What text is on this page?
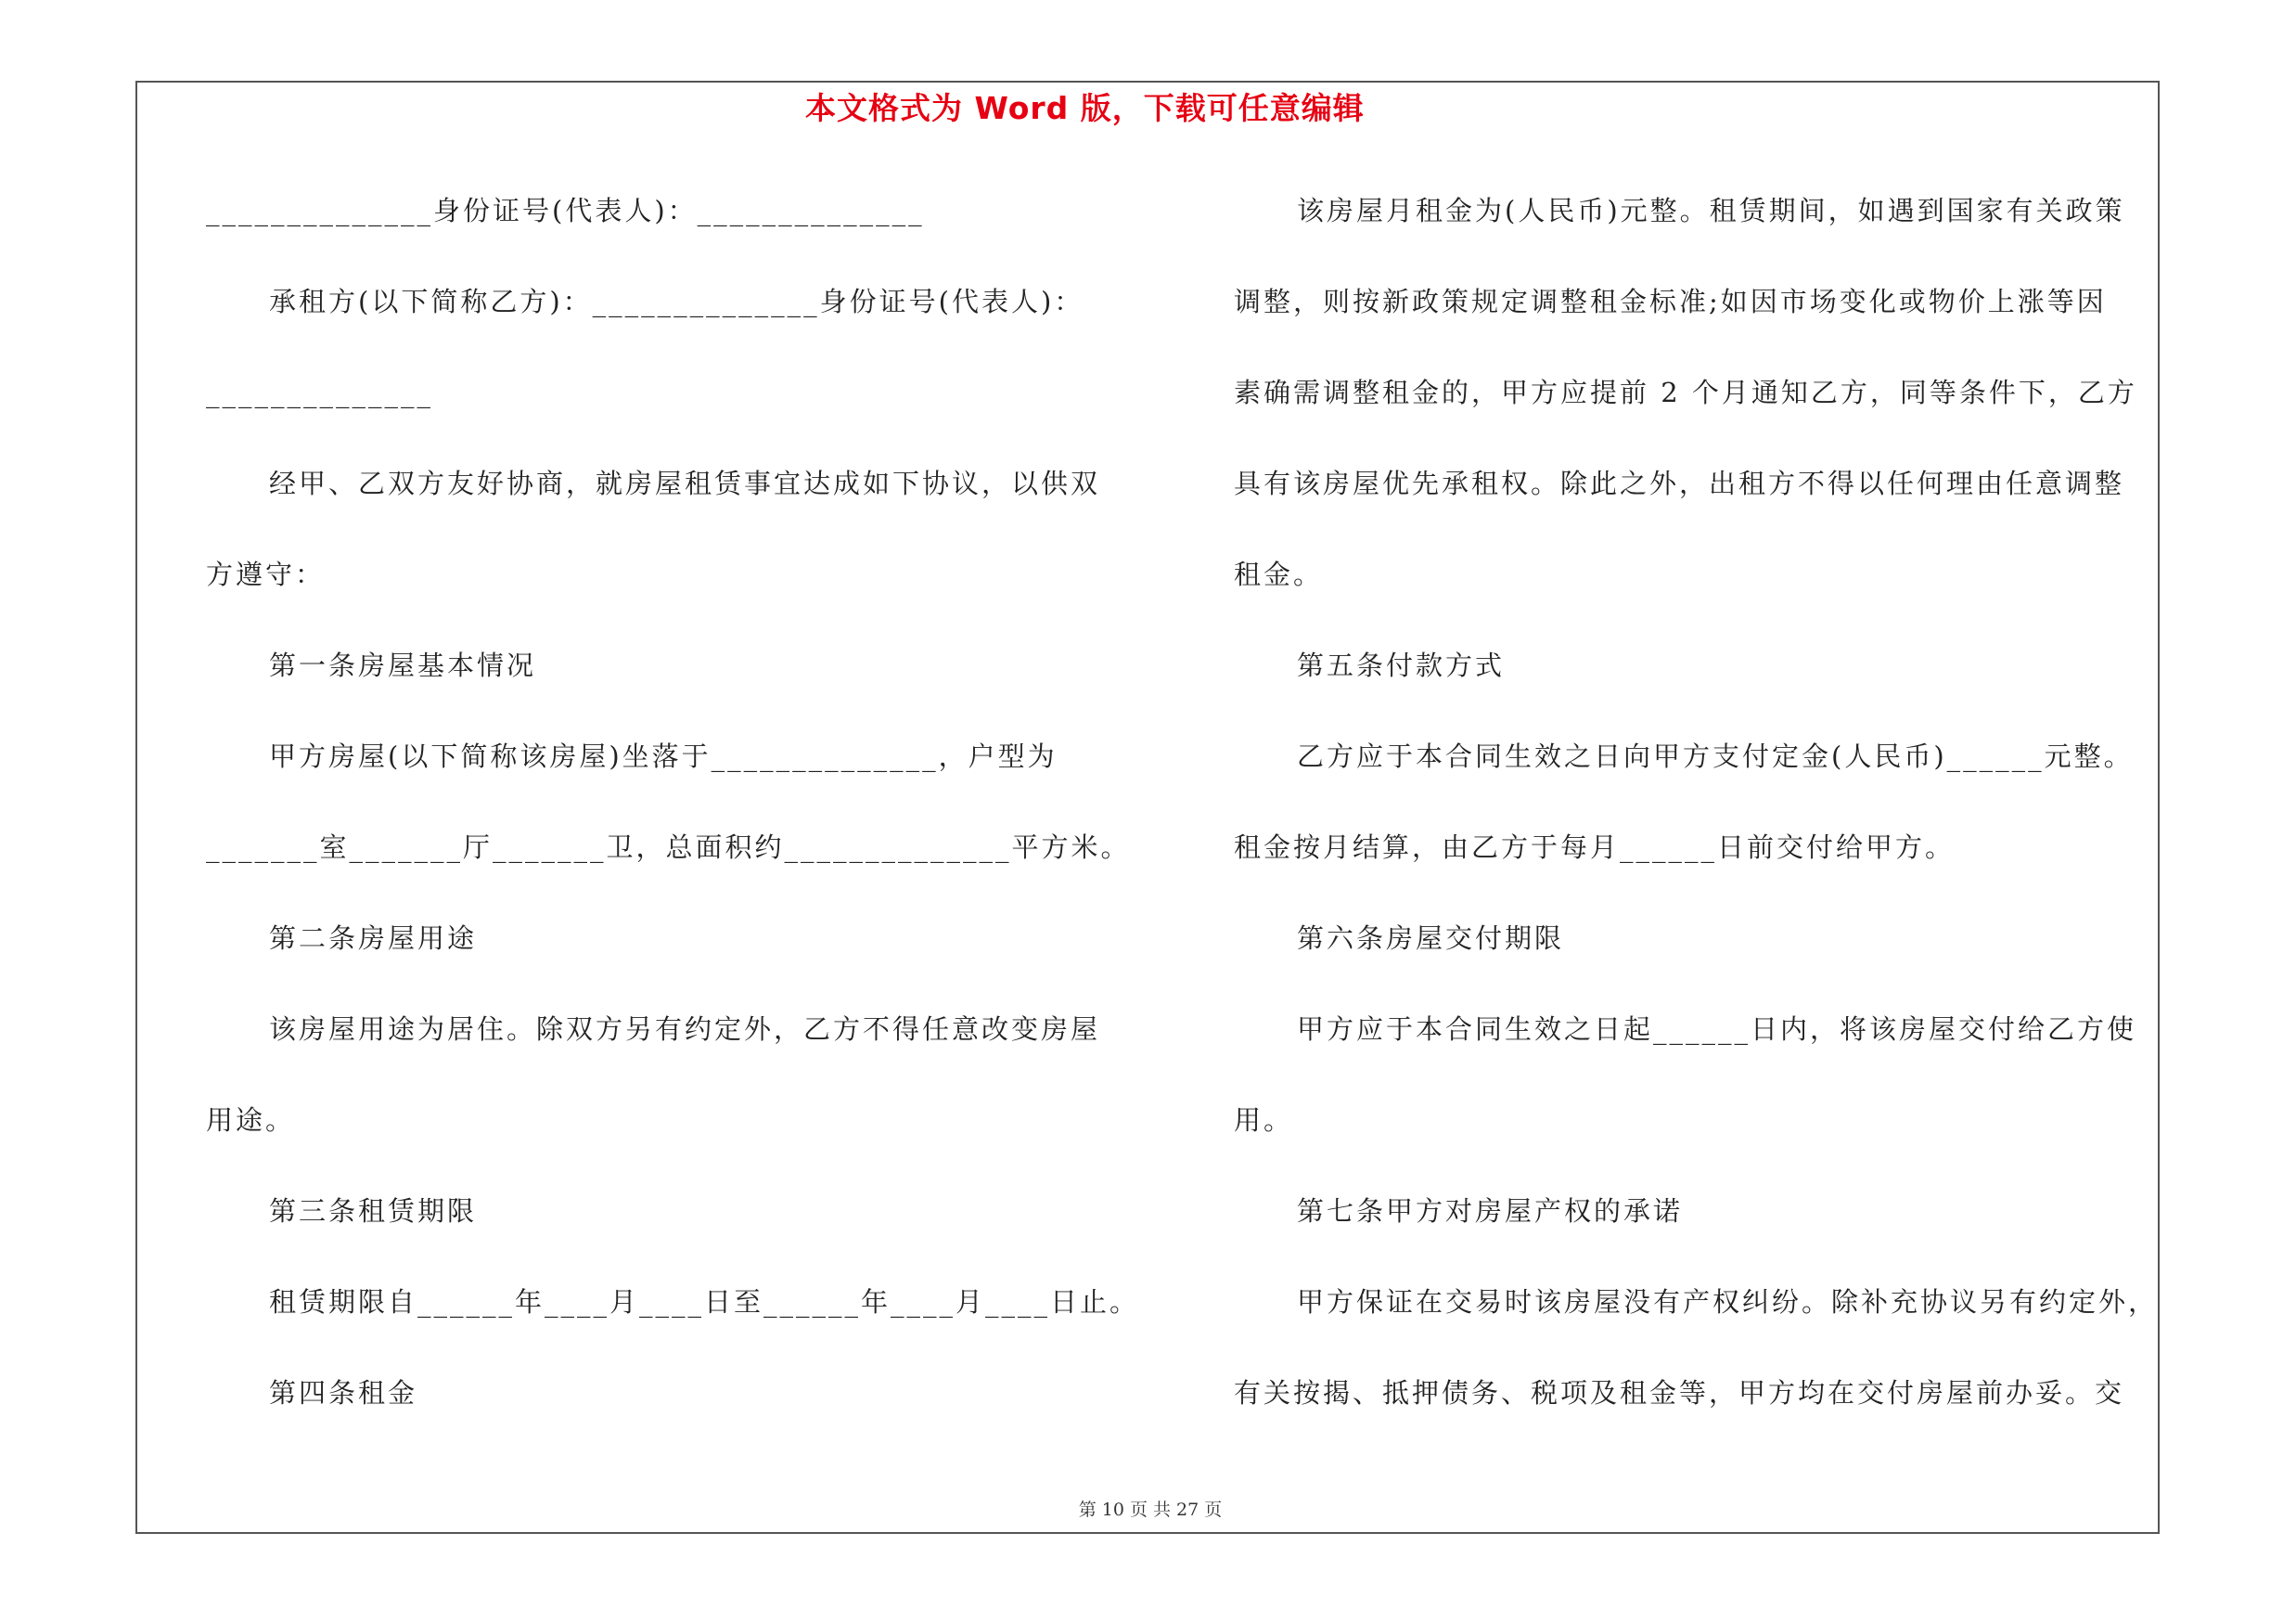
本文格式为 Word 版，下载可任意编辑
______________身份证号(代表人)：______________
承租方(以下简称乙方)：______________身份证号(代表人)：
______________
经甲、乙双方友好协商，就房屋租赁事宜达成如下协议，以供双
方遵守：
第一条房屋基本情况
甲方房屋(以下简称该房屋)坐落于______________，户型为
_______室_______厅_______卫，总面积约______________平方米。
第二条房屋用途
该房屋用途为居住。除双方另有约定外，乙方不得任意改变房屋
用途。
第三条租赁期限
租赁期限自______年____月____日至______年____月____日止。
第四条租金
该房屋月租金为(人民币)元整。租赁期间，如遇到国家有关政策
调整，则按新政策规定调整租金标准;如因市场变化或物价上涨等因
素确需调整租金的，甲方应提前 2 个月通知乙方，同等条件下，乙方
具有该房屋优先承租权。除此之外，出租方不得以任何理由任意调整
租金。
第五条付款方式
乙方应于本合同生效之日向甲方支付定金(人民币)______元整。
租金按月结算，由乙方于每月______日前交付给甲方。
第六条房屋交付期限
甲方应于本合同生效之日起______日内，将该房屋交付给乙方使
用。
第七条甲方对房屋产权的承诺
甲方保证在交易时该房屋没有产权纠纷。除补充协议另有约定外，
有关按揭、抵押债务、税项及租金等，甲方均在交付房屋前办妥。交
第 10 页 共 27 页
